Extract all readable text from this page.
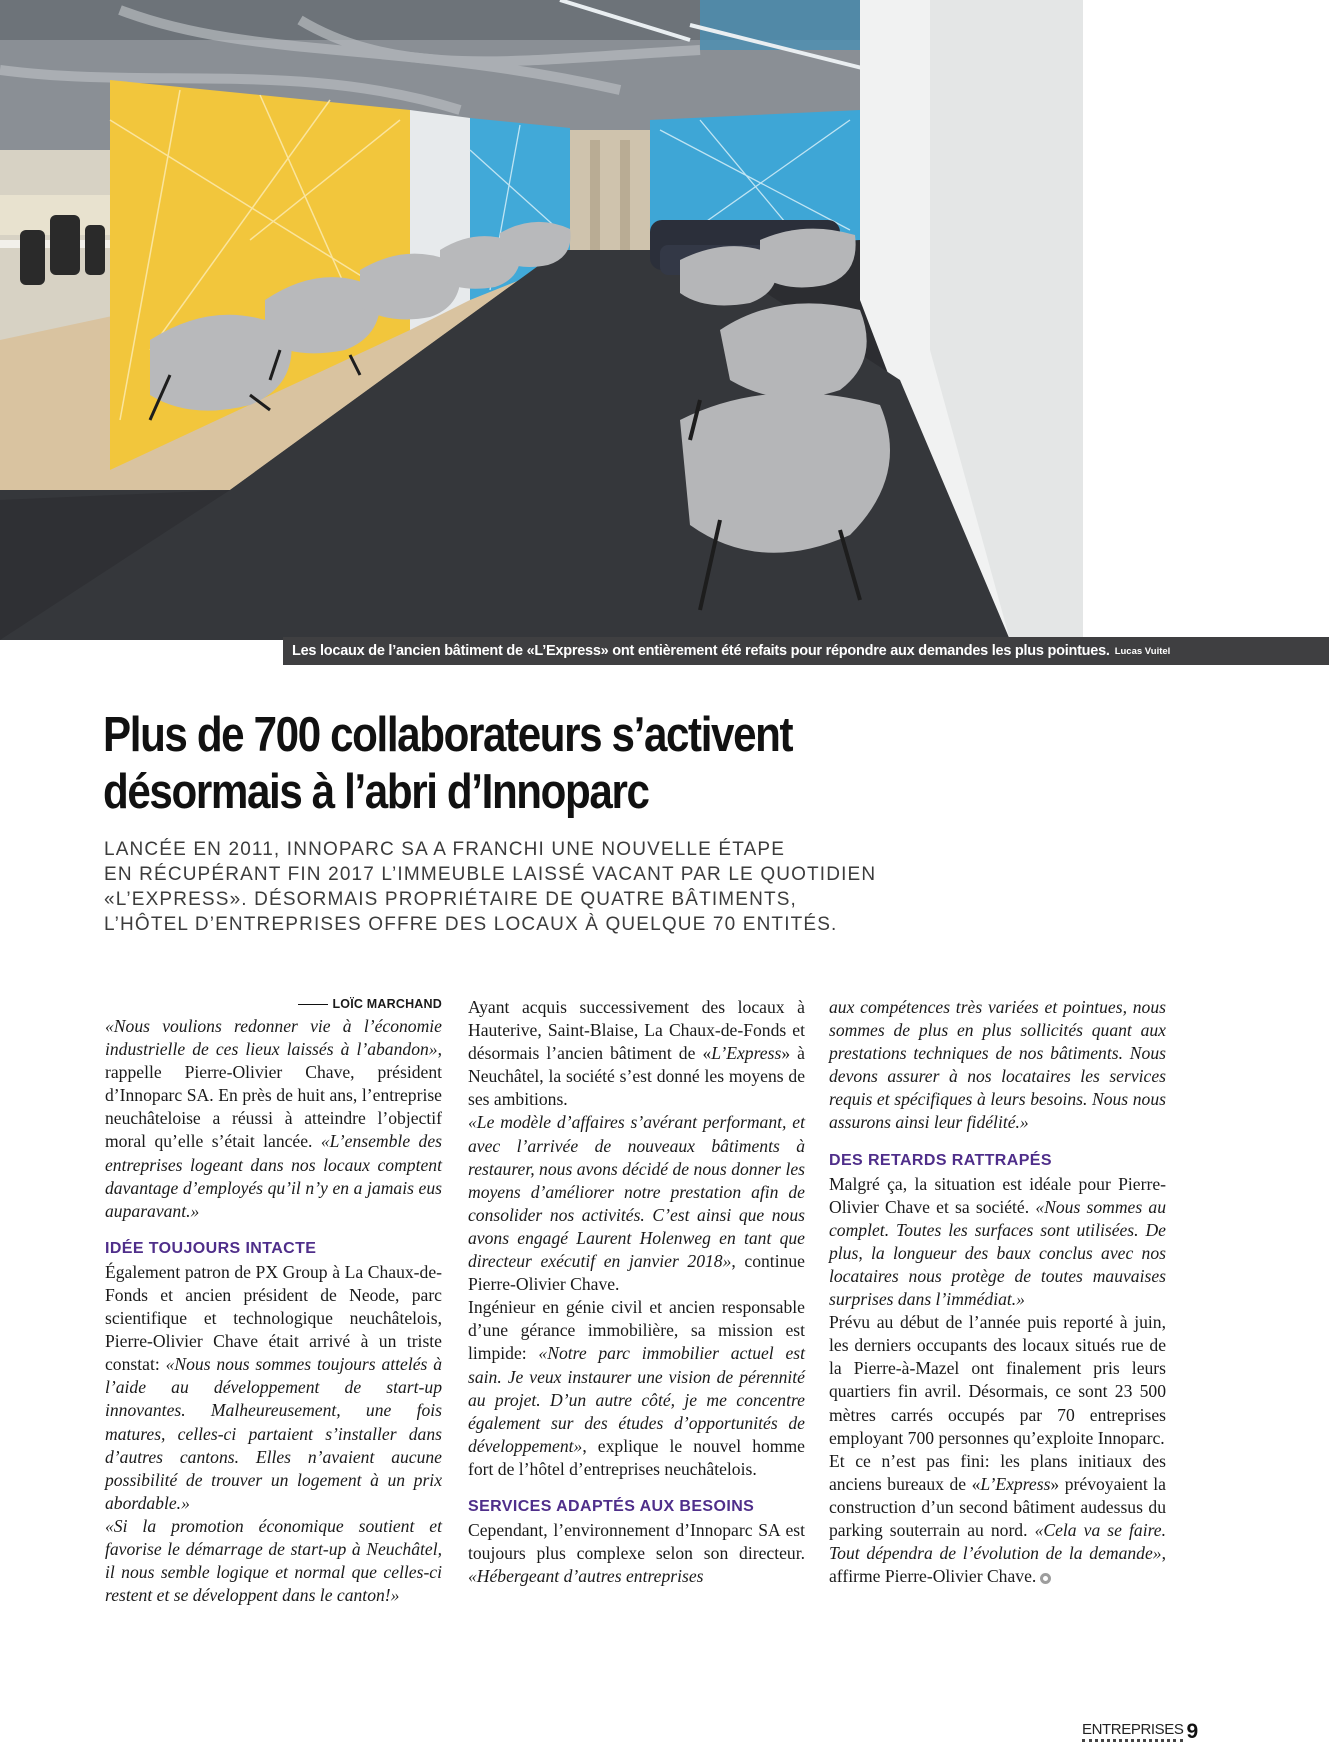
Les locaux de l’ancien bâtiment de «L’Express» ont entièrement été refaits pour répondre aux demandes les plus pointues. Lucas Vuitel
Plus de 700 collaborateurs s’activent
désormais à l’abri d’Innoparc
LANCÉE EN 2011, INNOPARC SA A FRANCHI UNE NOUVELLE ÉTAPE
EN RÉCUPÉRANT FIN 2017 L’IMMEUBLE LAISSÉ VACANT PAR LE QUOTIDIEN
«L’EXPRESS». DÉSORMAIS PROPRIÉTAIRE DE QUATRE BÂTIMENTS,
L’HÔTEL D’ENTREPRISES OFFRE DES LOCAUX À QUELQUE 70 ENTITÉS.
LOÏC MARCHAND

«Nous voulions redonner vie à l’économie industrielle de ces lieux laissés à l’abandon», rappelle Pierre-Olivier Chave, président d’Innoparc SA. En près de huit ans, l’entreprise neuchâteloise a réussi à atteindre l’objectif moral qu’elle s’était lancée. «L’ensemble des entreprises logeant dans nos locaux comptent davantage d’employés qu’il n’y en a jamais eus auparavant.»

IDÉE TOUJOURS INTACTE

Également patron de PX Group à La Chaux-de-Fonds et ancien président de Neode, parc scientifique et technologique neuchâtelois, Pierre-Olivier Chave était arrivé à un triste constat: «Nous nous sommes toujours attelés à l’aide au développement de start-up innovantes. Malheureusement, une fois matures, celles-ci partaient s’installer dans d’autres cantons. Elles n’avaient aucune possibilité de trouver un logement à un prix abordable.»

«Si la promotion économique soutient et favorise le démarrage de start-up à Neuchâtel, il nous semble logique et normal que celles-ci restent et se développent dans le canton!»

Ayant acquis successivement des locaux à Hauterive, Saint-Blaise, La Chaux-de-Fonds et désormais l’ancien bâtiment de «L’Express» à Neuchâtel, la société s’est donné les moyens de ses ambitions.

«Le modèle d’affaires s’avérant performant, et avec l’arrivée de nouveaux bâtiments à restaurer, nous avons décidé de nous donner les moyens d’améliorer notre prestation afin de consolider nos activités. C’est ainsi que nous avons engagé Laurent Holenweg en tant que directeur exécutif en janvier 2018», continue Pierre-Olivier Chave.

Ingénieur en génie civil et ancien responsable d’une gérance immobilière, sa mission est limpide: «Notre parc immobilier actuel est sain. Je veux instaurer une vision de pérennité au projet. D’un autre côté, je me concentre également sur des études d’opportunités de développement», explique le nouvel homme fort de l’hôtel d’entreprises neuchâtelois.

SERVICES ADAPTÉS AUX BESOINS

Cependant, l’environnement d’Innoparc SA est toujours plus complexe selon son directeur. «Hébergeant d’autres entreprises

aux compétences très variées et pointues, nous sommes de plus en plus sollicités quant aux prestations techniques de nos bâtiments. Nous devons assurer à nos locataires les services requis et spécifiques à leurs besoins. Nous nous assurons ainsi leur fidélité.»

DES RETARDS RATTRAPÉS

Malgré ça, la situation est idéale pour Pierre-Olivier Chave et sa société. «Nous sommes au complet. Toutes les surfaces sont utilisées. De plus, la longueur des baux conclus avec nos locataires nous protège de toutes mauvaises surprises dans l’immédiat.»

Prévu au début de l’année puis reporté à juin, les derniers occupants des locaux situés rue de la Pierre-à-Mazel ont finalement pris leurs quartiers fin avril. Désormais, ce sont 23 500 mètres carrés occupés par 70 entreprises employant 700 personnes qu’exploite Innoparc.

Et ce n’est pas fini: les plans initiaux des anciens bureaux de «L’Express» prévoyaient la construction d’un second bâtiment audessus du parking souterrain au nord. «Cela va se faire. Tout dépendra de l’évolution de la demande», affirme Pierre-Olivier Chave.

ENTREPRISES 9
